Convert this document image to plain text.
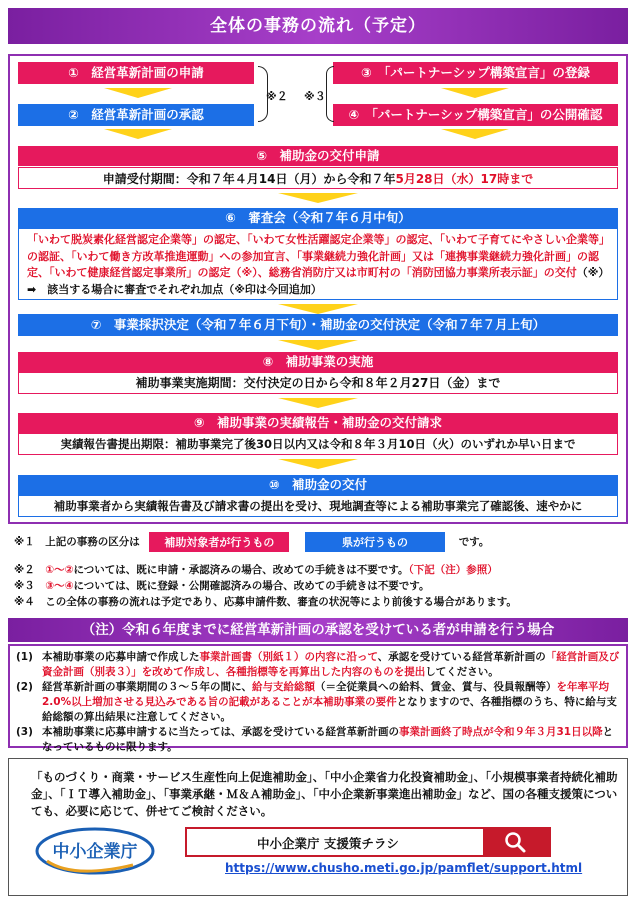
全体の事務の流れ（予定）
①　経営革新計画の申請
②　経営革新計画の承認
③　「パートナーシップ構築宣言」の登録
④　「パートナーシップ構築宣言」の公開確認
※２ ※３
⑤　補助金の交付申請
申請受付期間：令和７年４月14日（月）から令和７年5月28日（水）17時まで
⑥　審査会（令和７年６月中旬）
「いわて脱炭素化経営認定企業等」の認定、「いわて女性活躍認定企業等」の認定、「いわて子育てにやさしい企業等」の認証、「いわて働き方改革推進運動」への参加宣言、「事業継続力強化計画」又は「連携事業継続力強化計画」の認定、「いわて健康経営認定事業所」の認定（※）、総務省消防庁又は市町村の「消防団協力事業所表示証」の交付（※）　➡　該当する場合に審査でそれぞれ加点（※印は今回追加）
⑦　事業採択決定（令和７年６月下旬）・補助金の交付決定（令和７年７月上旬）
⑧　補助事業の実施
補助事業実施期間：交付決定の日から令和８年２月27日（金）まで
⑨　補助事業の実績報告・補助金の交付請求
実績報告書提出期限：補助事業完了後30日以内又は令和８年３月10日（火）のいずれか早い日まで
⑩　補助金の交付
補助事業者から実績報告書及び請求書の提出を受け、現地調査等による補助事業完了確認後、速やかに
※１　上記の事務の区分は 補助対象者が行うもの	県が行うもの	です。
※２　①～②については、既に申請・承認済みの場合、改めての手続きは不要です。（下記（注）参照）
※３　③～④については、既に登録・公開確認済みの場合、改めての手続きは不要です。
※４　この全体の事務の流れは予定であり、応募申請件数、審査の状況等により前後する場合があります。
（注）令和６年度までに経営革新計画の承認を受けている者が申請を行う場合
(1) 本補助事業の応募申請で作成した事業計画書（別紙１）の内容に沿って、承認を受けている経営革新計画の「経営計画及び資金計画（別表３）」を改めて作成し、各種指標等を再算出した内容のものを提出してください。
(2) 経営革新計画の事業期間の３～５年の間に、給与支給総額（＝全従業員への給料、賃金、賞与、役員報酬等）を年率平均2.0%以上増加させる見込みである旨の記載があることが本補助事業の要件となりますので、各種指標のうち、特に給与支給総額の算出結果に注意してください。
(3) 本補助事業に応募申請するに当たっては、承認を受けている経営革新計画の事業計画終了時点が令和９年３月31日以降となっているものに限ります。
「ものづくり・商業・サービス生産性向上促進補助金」、「中小企業省力化投資補助金」、「小規模事業者持続化補助金」、「ＩＴ導入補助金」、「事業承継・Ｍ＆Ａ補助金」、「中小企業新事業進出補助金」など、国の各種支援策についても、必要に応じて、併せてご検討ください。
中小企業庁	中小企業庁 支援策チラシ
https://www.chusho.meti.go.jp/pamflet/support.html
